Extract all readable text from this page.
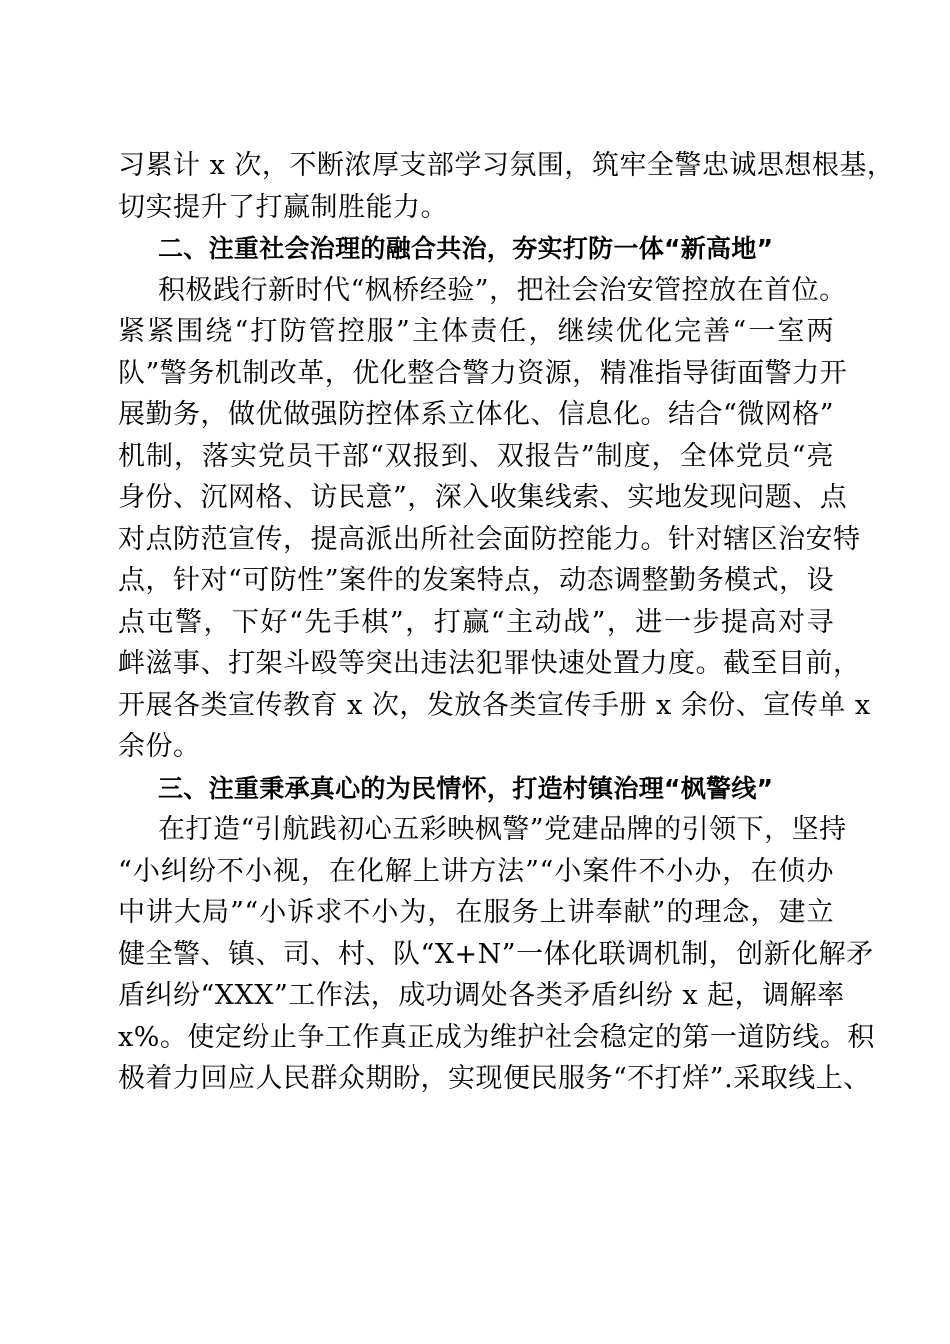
习累计 x 次，不断浓厚支部学习氛围，筑牢全警忠诚思想根基，
切实提升了打赢制胜能力。
二、注重社会治理的融合共治，夯实打防一体“新高地”
积极践行新时代“枫桥经验”，把社会治安管控放在首位。
紧紧围绕“打防管控服”主体责任，继续优化完善“一室两
队”警务机制改革，优化整合警力资源，精准指导街面警力开
展勤务，做优做强防控体系立体化、信息化。结合“微网格”
机制，落实党员干部“双报到、双报告”制度，全体党员“亮
身份、沉网格、访民意”，深入收集线索、实地发现问题、点
对点防范宣传，提高派出所社会面防控能力。针对辖区治安特
点，针对“可防性”案件的发案特点，动态调整勤务模式，设
点屯警，下好“先手棋”，打赢“主动战”，进一步提高对寻
衅滋事、打架斗殴等突出违法犯罪快速处置力度。截至目前，
开展各类宣传教育 x 次，发放各类宣传手册 x 余份、宣传单 x
余份。
三、注重秉承真心的为民情怀，打造村镇治理“枫警线”
在打造“引航践初心五彩映枫警”党建品牌的引领下，坚持
“小纠纷不小视，在化解上讲方法”“小案件不小办，在侦办
中讲大局”“小诉求不小为，在服务上讲奉献”的理念，建立
健全警、镇、司、村、队“X+N”一体化联调机制，创新化解矛
盾纠纷“XXX”工作法，成功调处各类矛盾纠纷 x 起，调解率
x%。使定纷止争工作真正成为维护社会稳定的第一道防线。积
极着力回应人民群众期盼，实现便民服务“不打烊”.采取线上、
